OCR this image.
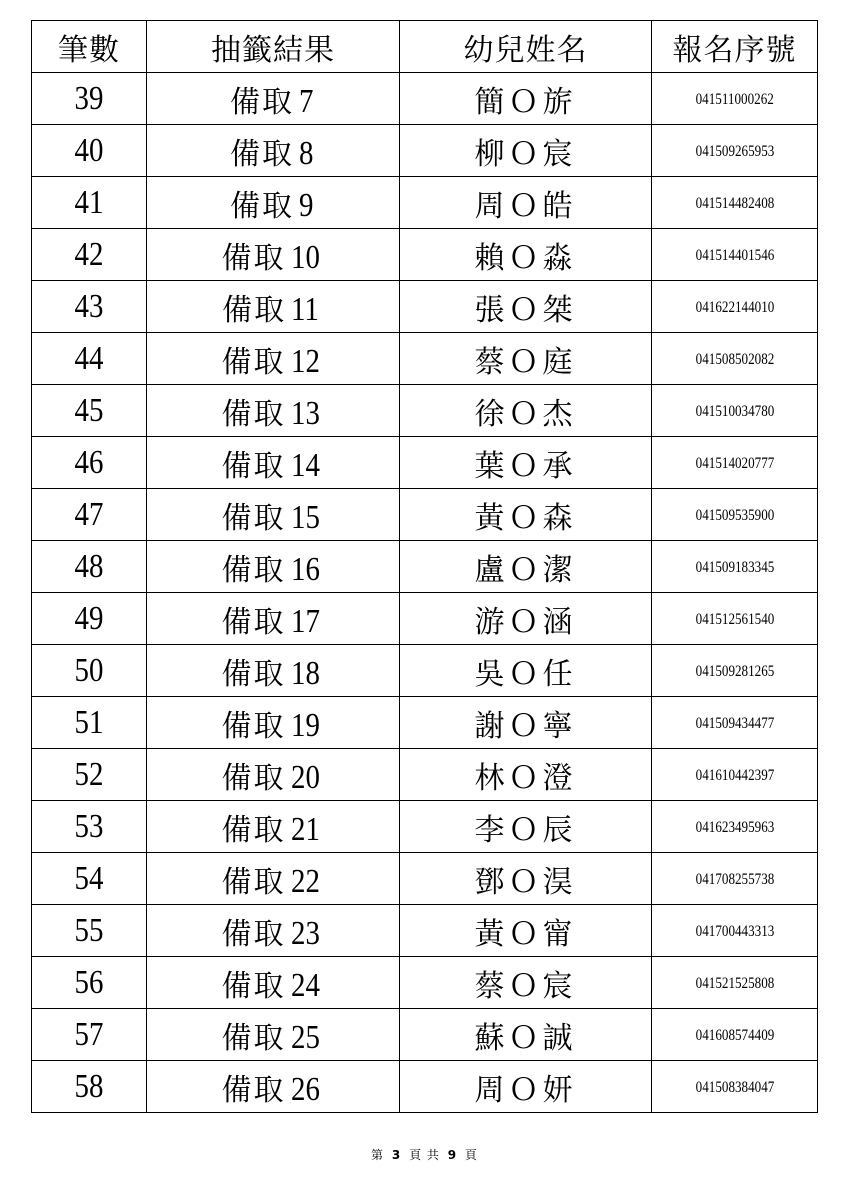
筆數	抽籤結果	幼兒姓名	報名序號
39	備取 7	簡Ｏ旂	041511000262
40	備取 8	柳Ｏ宸	041509265953
41	備取 9	周Ｏ皓	041514482408
42	備取 10	賴Ｏ淼	041514401546
43	備取 11	張Ｏ桀	041622144010
44	備取 12	蔡Ｏ庭	041508502082
45	備取 13	徐Ｏ杰	041510034780
46	備取 14	葉Ｏ承	041514020777
47	備取 15	黃Ｏ森	041509535900
48	備取 16	盧Ｏ潔	041509183345
49	備取 17	游Ｏ涵	041512561540
50	備取 18	吳Ｏ任	041509281265
51	備取 19	謝Ｏ寧	041509434477
52	備取 20	林Ｏ澄	041610442397
53	備取 21	李Ｏ辰	041623495963
54	備取 22	鄧Ｏ淏	041708255738
55	備取 23	黃Ｏ甯	041700443313
56	備取 24	蔡Ｏ宸	041521525808
57	備取 25	蘇Ｏ誠	041608574409
58	備取 26	周Ｏ妍	041508384047
第 3 頁 共 9 頁
